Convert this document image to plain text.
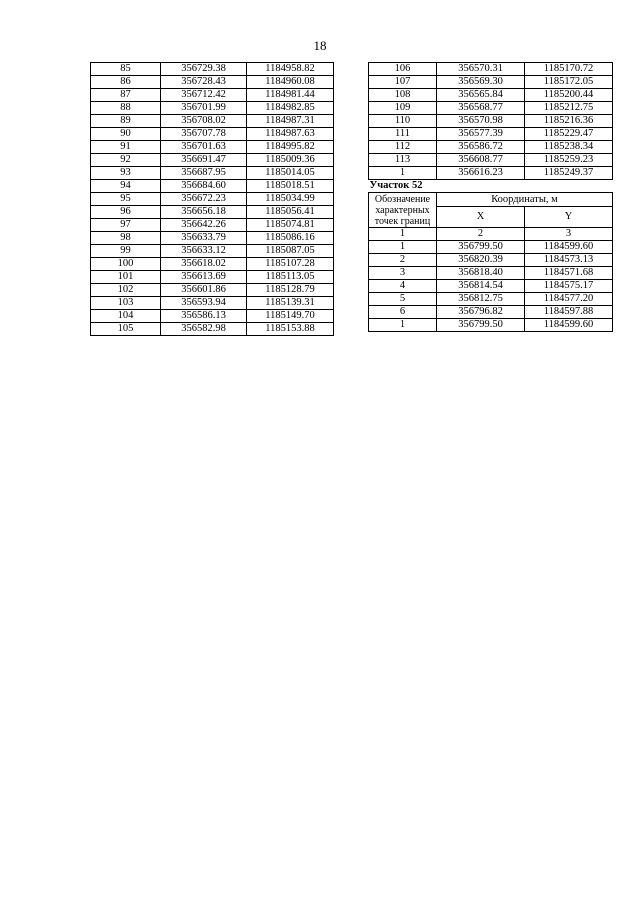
18
85	356729.38	1184958.82
86	356728.43	1184960.08
87	356712.42	1184981.44
88	356701.99	1184982.85
89	356708.02	1184987.31
90	356707.78	1184987.63
91	356701.63	1184995.82
92	356691.47	1185009.36
93	356687.95	1185014.05
94	356684.60	1185018.51
95	356672.23	1185034.99
96	356656.18	1185056.41
97	356642.26	1185074.81
98	356633.79	1185086.16
99	356633.12	1185087.05
100	356618.02	1185107.28
101	356613.69	1185113.05
102	356601.86	1185128.79
103	356593.94	1185139.31
104	356586.13	1185149.70
105	356582.98	1185153.88
106	356570.31	1185170.72
107	356569.30	1185172.05
108	356565.84	1185200.44
109	356568.77	1185212.75
110	356570.98	1185216.36
111	356577.39	1185229.47
112	356586.72	1185238.34
113	356608.77	1185259.23
1	356616.23	1185249.37
Участок 52		
Обозначение характерных точек границ	Координаты, м	
	X	Y
1	2	3
1	356799.50	1184599.60
2	356820.39	1184573.13
3	356818.40	1184571.68
4	356814.54	1184575.17
5	356812.75	1184577.20
6	356796.82	1184597.88
1	356799.50	1184599.60
